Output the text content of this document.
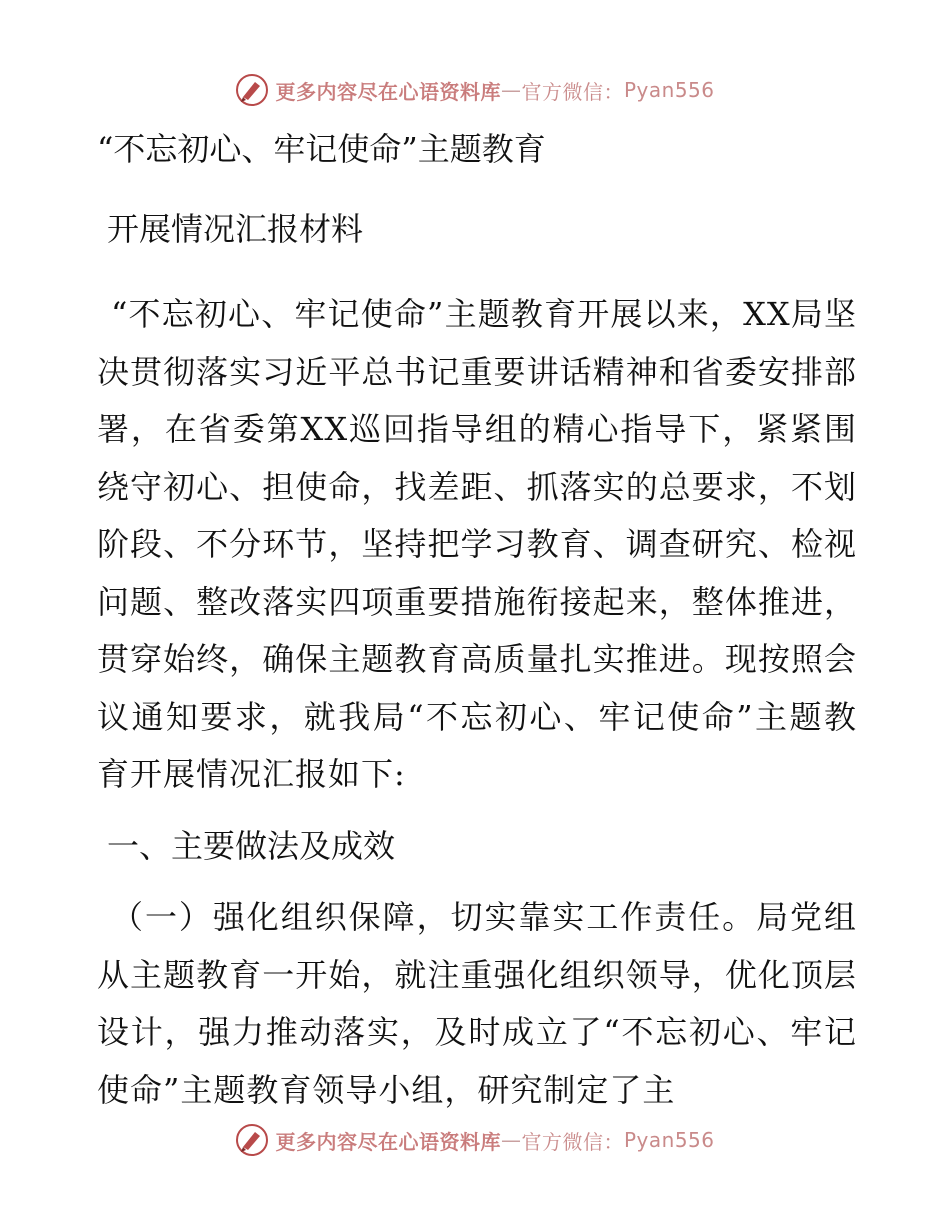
更多内容尽在心语资料库 — 官方微信： Pyan556

“不忘初心、牢记使命”主题教育

开展情况汇报材料

“不忘初心、牢记使命”主题教育开展以来，XX局坚决贯彻落实习近平总书记重要讲话精神和省委安排部署，在省委第XX巡回指导组的精心指导下，紧紧围绕守初心、担使命，找差距、抓落实的总要求，不划阶段、不分环节，坚持把学习教育、调查研究、检视问题、整改落实四项重要措施衔接起来，整体推进，贯穿始终，确保主题教育高质量扎实推进。现按照会议通知要求，就我局“不忘初心、牢记使命”主题教育开展情况汇报如下:

一、主要做法及成效

（一）强化组织保障，切实靠实工作责任。局党组从主题教育一开始，就注重强化组织领导，优化顶层设计，强力推动落实，及时成立了“不忘初心、牢记使命”主题教育领导小组，研究制定了主

更多内容尽在心语资料库 — 官方微信： Pyan556
